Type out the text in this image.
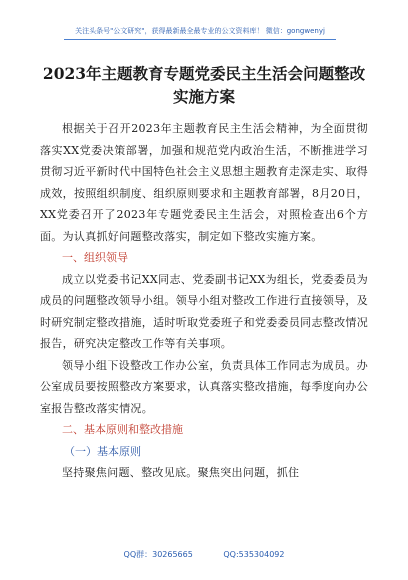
关注头条号"公文研究"，获得最新最全最专业的公文资料库！ 微信：gongwenyj
2023年主题教育专题党委民主生活会问题整改实施方案

根据关于召开2023年主题教育民主生活会精神，为全面贯彻落实XX党委决策部署，加强和规范党内政治生活，不断推进学习贯彻习近平新时代中国特色社会主义思想主题教育走深走实、取得成效，按照组织制度、组织原则要求和主题教育部署，8月20日，XX党委召开了2023年专题党委民主生活会，对照检查出6个方面。为认真抓好问题整改落实，制定如下整改实施方案。

一、组织领导

成立以党委书记XX同志、党委副书记XX为组长，党委委员为成员的问题整改领导小组。领导小组对整改工作进行直接领导，及时研究制定整改措施，适时听取党委班子和党委委员同志整改情况报告，研究决定整改工作等有关事项。

领导小组下设整改工作办公室，负责具体工作同志为成员。办公室成员要按照整改方案要求，认真落实整改措施，每季度向办公室报告整改落实情况。

二、基本原则和整改措施

（一）基本原则

坚持聚焦问题、整改见底。聚焦突出问题，抓住

QQ群：30265665	QQ:535304092
